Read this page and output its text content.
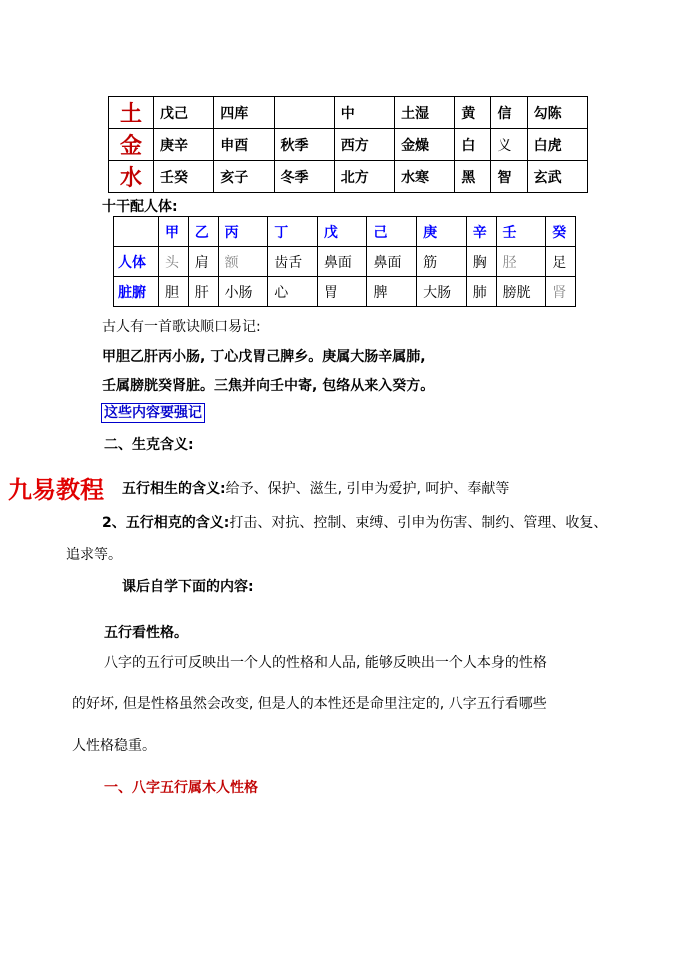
土	戊己	四库		中	土湿	黄	信	勾陈
金	庚辛	申酉	秋季	西方	金燥	白	义	白虎
水	壬癸	亥子	冬季	北方	水寒	黑	智	玄武
十干配人体:
	甲	乙	丙	丁	戊	己	庚	辛	壬	癸
人体	头	肩	额	齿舌	鼻面	鼻面	筋	胸	胫	足
脏腑	胆	肝	小肠	心	胃	脾	大肠	肺	膀胱	肾
古人有一首歌诀顺口易记:
甲胆乙肝丙小肠, 丁心戊胃己脾乡。庚属大肠辛属肺,
壬属膀胱癸肾脏。三焦并向壬中寄, 包络从来入癸方。
这些内容要强记
二、生克含义:
九易教程 五行相生的含义:给予、保护、滋生, 引申为爱护, 呵护、奉献等
2、五行相克的含义:打击、对抗、控制、束缚、引申为伤害、制约、管理、收复、
追求等。
课后自学下面的内容:
五行看性格。
八字的五行可反映出一个人的性格和人品, 能够反映出一个人本身的性格
的好坏, 但是性格虽然会改变, 但是人的本性还是命里注定的, 八字五行看哪些
人性格稳重。
一、八字五行属木人性格
